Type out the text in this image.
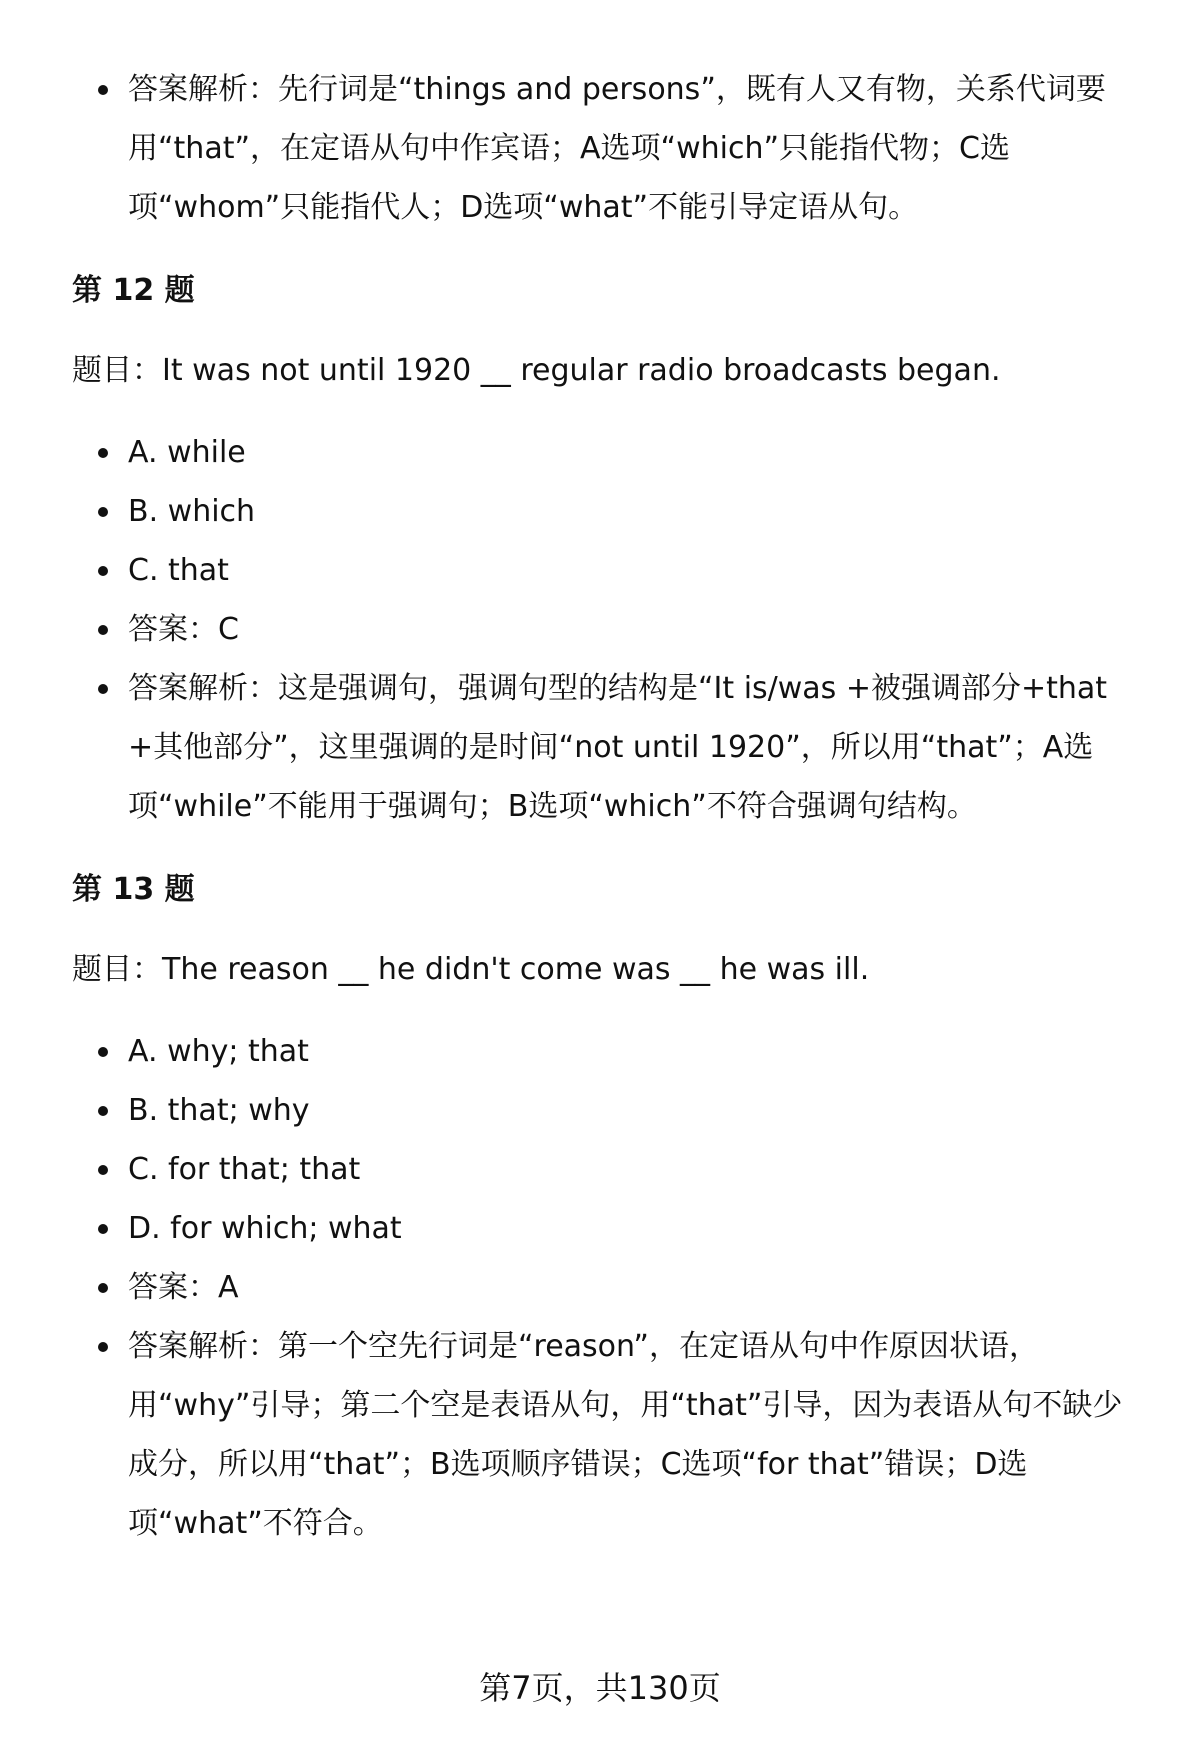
答案解析：先行词是“things and persons”，既有人又有物，关系代词要用“that”，在定语从句中作宾语；A选项“which”只能指代物；C选项“whom”只能指代人；D选项“what”不能引导定语从句。
第 12 题

题目：It was not until 1920 __ regular radio broadcasts began.

A. while
B. which
C. that
答案：C
答案解析：这是强调句，强调句型的结构是“It is/was +被强调部分+that +其他部分”，这里强调的是时间“not until 1920”，所以用“that”；A选项“while”不能用于强调句；B选项“which”不符合强调句结构。
第 13 题

题目：The reason __ he didn't come was __ he was ill.

A. why; that
B. that; why
C. for that; that
D. for which; what
答案：A
答案解析：第一个空先行词是“reason”，在定语从句中作原因状语，用“why”引导；第二个空是表语从句，用“that”引导，因为表语从句不缺少成分，所以用“that”；B选项顺序错误；C选项“for that”错误；D选项“what”不符合。
第7页，共130页
